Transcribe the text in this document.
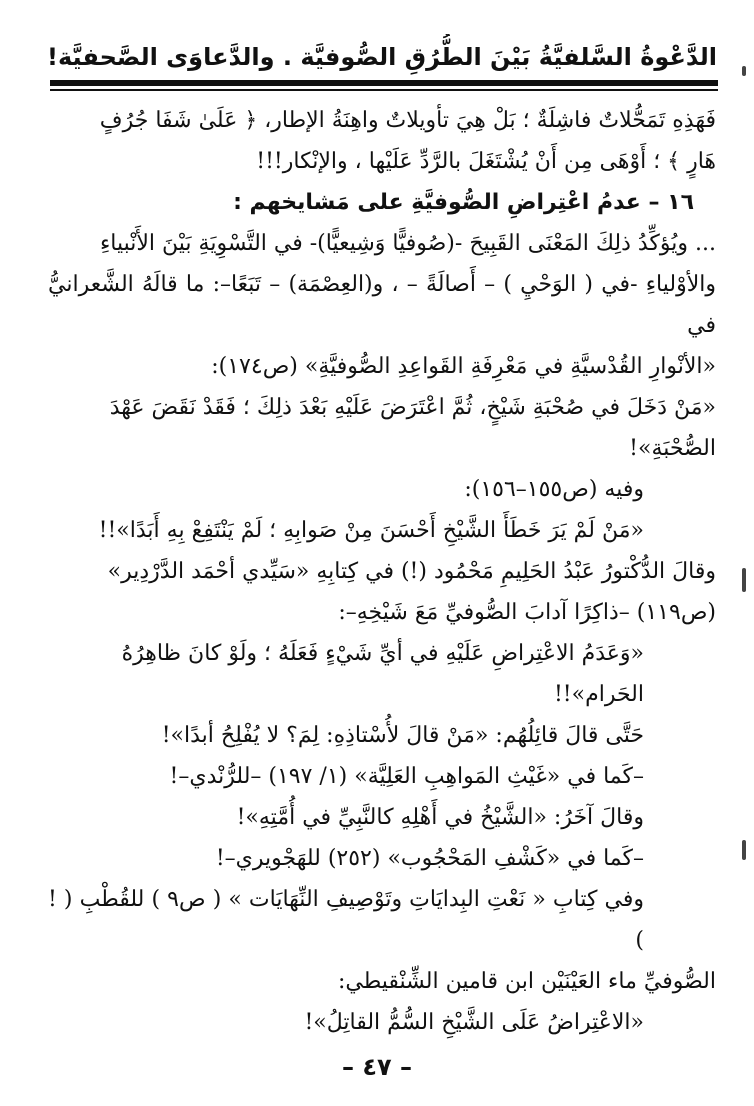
الدَّعْوةُ السَّلفيَّةُ بَيْنَ الطُّرُقِ الصُّوفيَّة . والدَّعاوَى الصَّحفيَّة!

فَهَذِهِ تَمَحُّلاتٌ فاشِلَةٌ ؛ بَلْ هِيَ تأويلاتٌ واهِنَةُ الإطار، ﴿ عَلَىٰ شَفَا جُرُفٍ

هَارٍ ﴾ ؛ أَوْهَى مِن أَنْ يُشْتَغَلَ بالرَّدِّ عَلَيْها ، والإنْكار!!!

١٦ – عدمُ اعْتِراضِ الصُّوفيَّةِ على مَشايخهم :

... ويُؤكِّدُ ذلِكَ المَعْنَى القَبِيحَ -(صُوفيًّا وَشِيعيًّا)- في التَّسْوِيَةِ بَيْنَ الأَنْبياءِ

والأوْلياءِ -في ( الوَحْيِ ) – أَصالَةً – ، و(العِصْمَة) – تَبَعًا–: ما قالَهُ الشَّعرانيُّ في

«الأنْوارِ القُدْسيَّةِ في مَعْرِفَةِ القَواعِدِ الصُّوفيَّةِ» (ص١٧٤):

«مَنْ دَخَلَ في صُحْبَةِ شَيْخٍ، ثُمَّ اعْتَرَضَ عَلَيْهِ بَعْدَ ذلِكَ ؛ فَقَدْ نَقَضَ عَهْدَ

الصُّحْبَةِ»!

وفيه (ص١٥٥–١٥٦):

«مَنْ لَمْ يَرَ خَطَأَ الشَّيْخِ أَحْسَنَ مِنْ صَوابِهِ ؛ لَمْ يَنْتَفِعْ بِهِ أَبَدًا»!!

وقالَ الدُّكْتورُ عَبْدُ الحَلِيمِ مَحْمُود (!) في كِتابِهِ «سَيِّدي أحْمَد الدَّرْدِير»

(ص١١٩) –ذاكِرًا آدابَ الصُّوفيِّ مَعَ شَيْخِهِ–:

«وَعَدَمُ الاعْتِراضِ عَلَيْهِ في أيِّ شَيْءٍ فَعَلَهُ ؛ ولَوْ كانَ ظاهِرُهُ الحَرام»!!

حَتَّى قالَ قائِلُهُم: «مَنْ قالَ لأُسْتاذِهِ: لِمَ؟ لا يُفْلِحُ أبدًا»!

–كَما في «غَيْثِ المَواهِبِ العَلِيَّة» (١/ ١٩٧) –للرُّنْدي–!

وقالَ آخَرُ: «الشَّيْخُ في أَهْلِهِ كالنَّبِيِّ في أُمَّتِهِ»!

–كَما في «كَشْفِ المَحْجُوب» (٢٥٢) للهَجْويري–!

وفي كِتابِ « نَعْتِ البِدايَاتِ وتَوْصِيفِ النِّهَايَات » ( ص٩ ) للقُطْبِ ( ! )

الصُّوفيِّ ماء العَيْنَيْن ابن قامين الشِّنْقيطي:

«الاعْتِراضُ عَلَى الشَّيْخِ السُّمُّ القاتِلُ»!

– ٤٧ –
